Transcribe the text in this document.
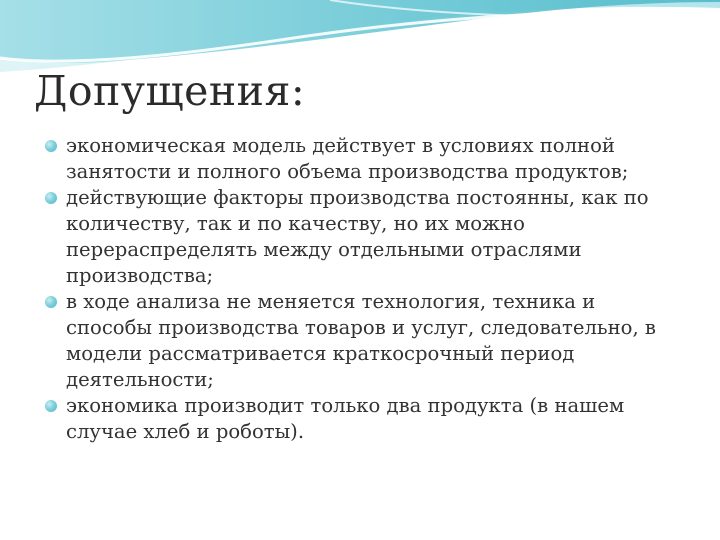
Допущения:
экономическая модель действует в условиях полной занятости и полного объема производства продуктов;
действующие факторы производства постоянны, как по количеству, так и по качеству, но их можно перераспределять между отдельными отраслями производства;
в ходе анализа не меняется технология, техника и способы производства товаров и услуг, следовательно, в модели рассматривается краткосрочный период деятельности;
экономика производит только два продукта (в нашем случае хлеб и роботы).
